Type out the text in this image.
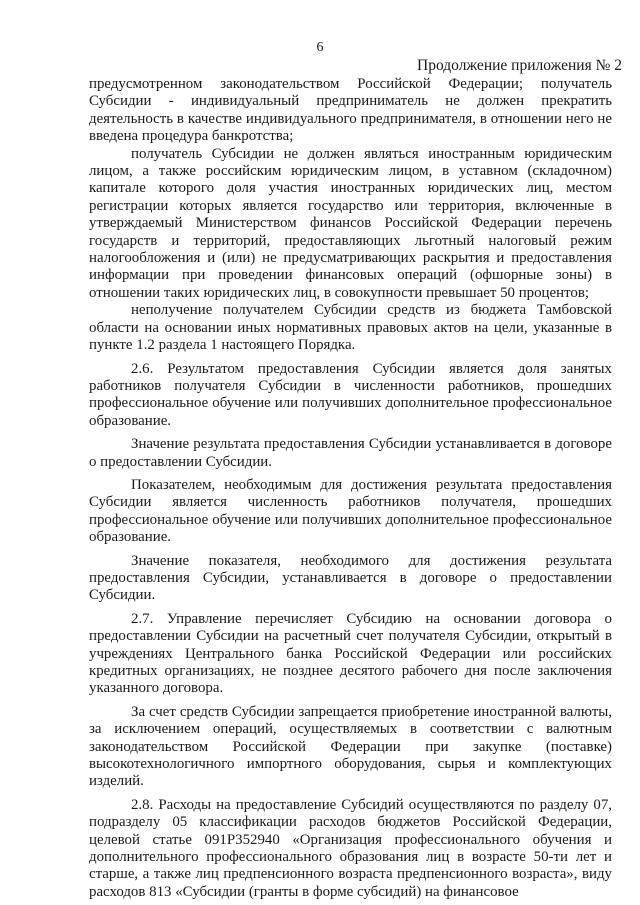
6
Продолжение приложения № 2

предусмотренном законодательством Российской Федерации; получатель Субсидии - индивидуальный предприниматель не должен прекратить деятельность в качестве индивидуального предпринимателя, в отношении него не введена процедура банкротства;

получатель Субсидии не должен являться иностранным юридическим лицом, а также российским юридическим лицом, в уставном (складочном) капитале которого доля участия иностранных юридических лиц, местом регистрации которых является государство или территория, включенные в утверждаемый Министерством финансов Российской Федерации перечень государств и территорий, предоставляющих льготный налоговый режим налогообложения и (или) не предусматривающих раскрытия и предоставления информации при проведении финансовых операций (офшорные зоны) в отношении таких юридических лиц, в совокупности превышает 50 процентов;

неполучение получателем Субсидии средств из бюджета Тамбовской области на основании иных нормативных правовых актов на цели, указанные в пункте 1.2 раздела 1 настоящего Порядка.

2.6. Результатом предоставления Субсидии является доля занятых работников получателя Субсидии в численности работников, прошедших профессиональное обучение или получивших дополнительное профессиональное образование.

Значение результата предоставления Субсидии устанавливается в договоре о предоставлении Субсидии.

Показателем, необходимым для достижения результата предоставления Субсидии является численность работников получателя, прошедших профессиональное обучение или получивших дополнительное профессиональное образование.

Значение показателя, необходимого для достижения результата предоставления Субсидии, устанавливается в договоре о предоставлении Субсидии.

2.7. Управление перечисляет Субсидию на основании договора о предоставлении Субсидии на расчетный счет получателя Субсидии, открытый в учреждениях Центрального банка Российской Федерации или российских кредитных организациях, не позднее десятого рабочего дня после заключения указанного договора.

За счет средств Субсидии запрещается приобретение иностранной валюты, за исключением операций, осуществляемых в соответствии с валютным законодательством Российской Федерации при закупке (поставке) высокотехнологичного импортного оборудования, сырья и комплектующих изделий.

2.8. Расходы на предоставление Субсидий осуществляются по разделу 07, подразделу 05 классификации расходов бюджетов Российской Федерации, целевой статье 091Р352940 «Организация профессионального обучения и дополнительного профессионального образования лиц в возрасте 50-ти лет и старше, а также лиц предпенсионного возраста предпенсионного возраста», виду расходов 813 «Субсидии (гранты в форме субсидий) на финансовое
